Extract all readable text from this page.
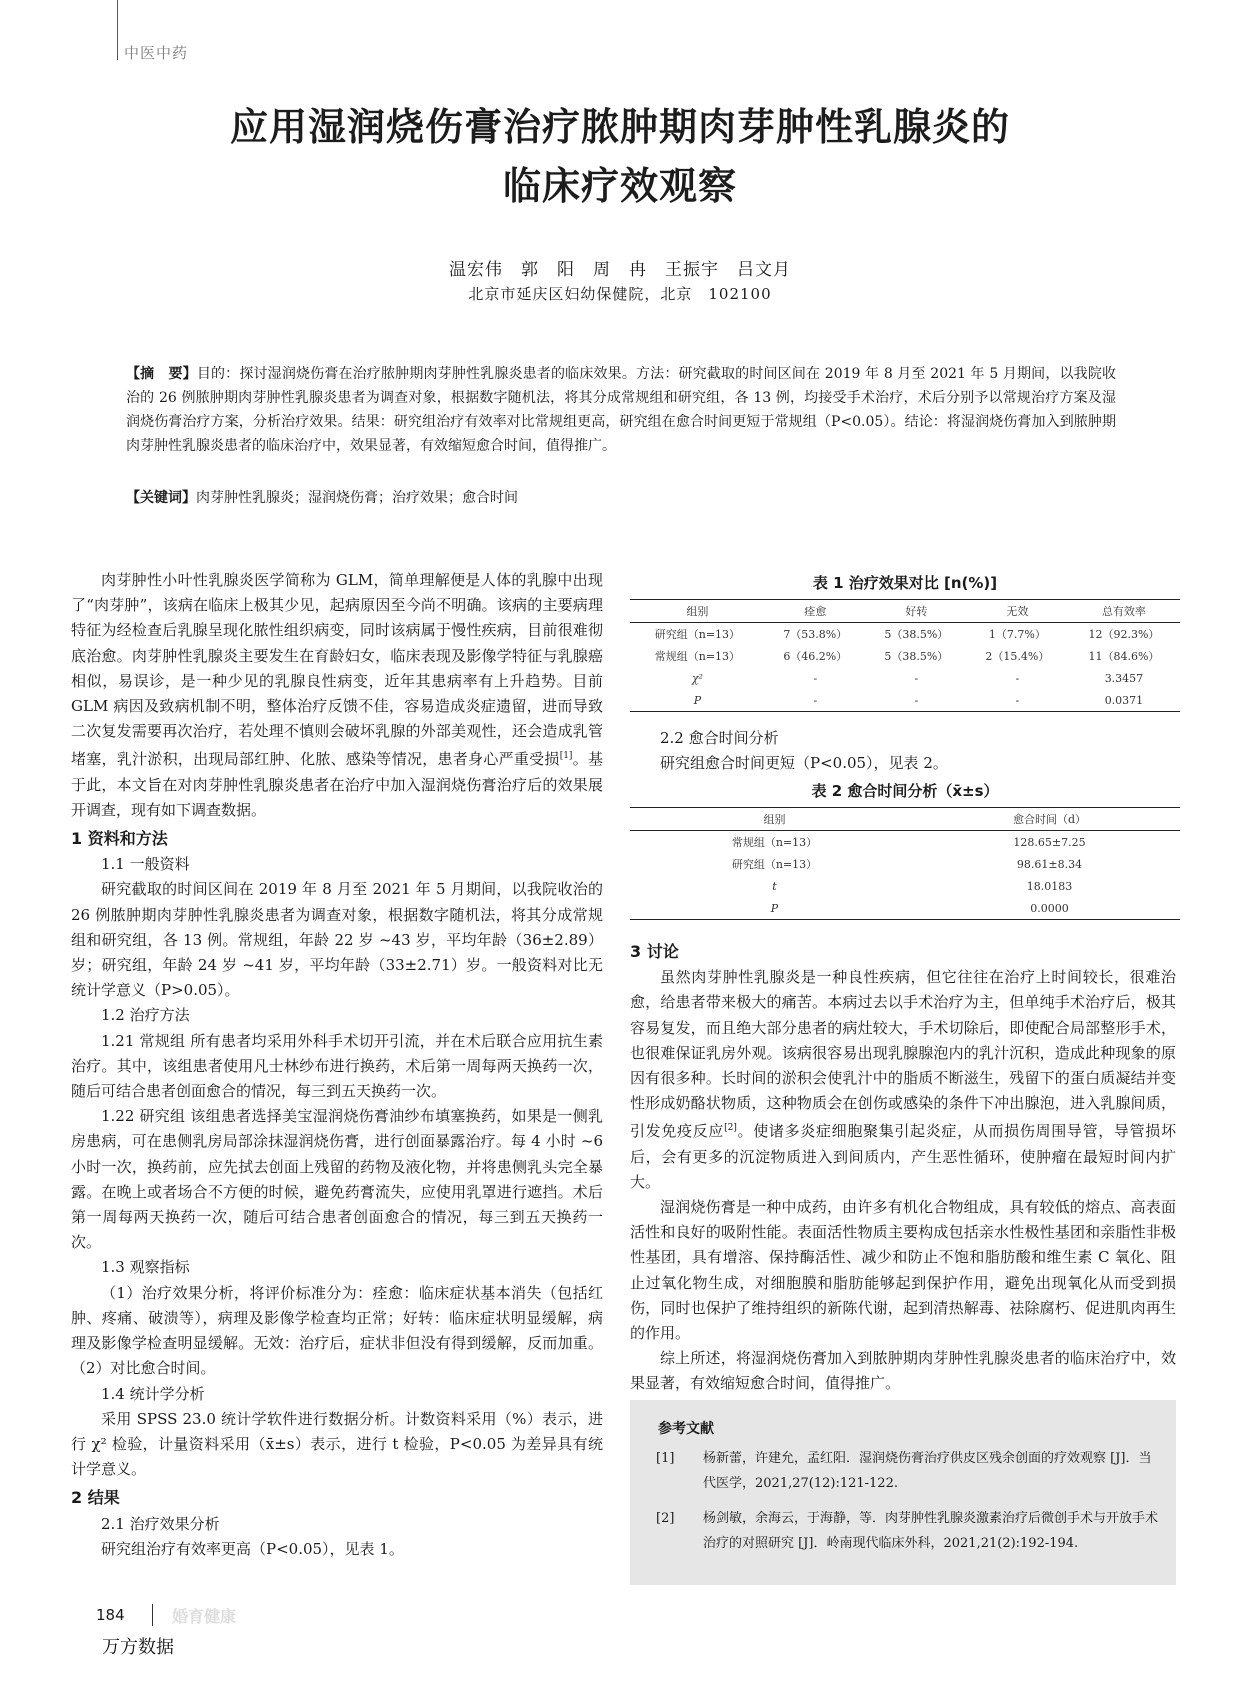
中医中药
应用湿润烧伤膏治疗脓肿期肉芽肿性乳腺炎的
临床疗效观察
温宏伟　郭　阳　周　冉　王振宇　吕文月
北京市延庆区妇幼保健院，北京　102100
【摘　要】目的：探讨湿润烧伤膏在治疗脓肿期肉芽肿性乳腺炎患者的临床效果。方法：研究截取的时间区间在 2019 年 8 月至 2021 年 5 月期间，以我院收治的 26 例脓肿期肉芽肿性乳腺炎患者为调查对象，根据数字随机法，将其分成常规组和研究组，各 13 例，均接受手术治疗，术后分别予以常规治疗方案及湿润烧伤膏治疗方案，分析治疗效果。结果：研究组治疗有效率对比常规组更高，研究组在愈合时间更短于常规组（P<0.05）。结论：将湿润烧伤膏加入到脓肿期肉芽肿性乳腺炎患者的临床治疗中，效果显著，有效缩短愈合时间，值得推广。
【关键词】肉芽肿性乳腺炎；湿润烧伤膏；治疗效果；愈合时间

肉芽肿性小叶性乳腺炎医学简称为 GLM，简单理解便是人体的乳腺中出现了“肉芽肿”，该病在临床上极其少见，起病原因至今尚不明确。该病的主要病理特征为经检查后乳腺呈现化脓性组织病变，同时该病属于慢性疾病，目前很难彻底治愈。肉芽肿性乳腺炎主要发生在育龄妇女，临床表现及影像学特征与乳腺癌相似，易误诊，是一种少见的乳腺良性病变，近年其患病率有上升趋势。目前 GLM 病因及致病机制不明，整体治疗反馈不佳，容易造成炎症遗留，进而导致二次复发需要再次治疗，若处理不慎则会破坏乳腺的外部美观性，还会造成乳管堵塞，乳汁淤积，出现局部红肿、化脓、感染等情况，患者身心严重受损[1]。基于此，本文旨在对肉芽肿性乳腺炎患者在治疗中加入湿润烧伤膏治疗后的效果展开调查，现有如下调查数据。

1 资料和方法

1.1 一般资料

研究截取的时间区间在 2019 年 8 月至 2021 年 5 月期间，以我院收治的 26 例脓肿期肉芽肿性乳腺炎患者为调查对象，根据数字随机法，将其分成常规组和研究组，各 13 例。常规组，年龄 22 岁 ~43 岁，平均年龄（36±2.89）岁；研究组，年龄 24 岁 ~41 岁，平均年龄（33±2.71）岁。一般资料对比无统计学意义（P>0.05）。

1.2 治疗方法

1.21 常规组 所有患者均采用外科手术切开引流，并在术后联合应用抗生素治疗。其中，该组患者使用凡士林纱布进行换药，术后第一周每两天换药一次，随后可结合患者创面愈合的情况，每三到五天换药一次。

1.22 研究组 该组患者选择美宝湿润烧伤膏油纱布填塞换药，如果是一侧乳房患病，可在患侧乳房局部涂抹湿润烧伤膏，进行创面暴露治疗。每 4 小时 ~6 小时一次，换药前，应先拭去创面上残留的药物及液化物，并将患侧乳头完全暴露。在晚上或者场合不方便的时候，避免药膏流失，应使用乳罩进行遮挡。术后第一周每两天换药一次，随后可结合患者创面愈合的情况，每三到五天换药一次。

1.3 观察指标

（1）治疗效果分析，将评价标准分为：痊愈：临床症状基本消失（包括红肿、疼痛、破溃等），病理及影像学检查均正常；好转：临床症状明显缓解，病理及影像学检查明显缓解。无效：治疗后，症状非但没有得到缓解，反而加重。（2）对比愈合时间。

1.4 统计学分析

采用 SPSS 23.0 统计学软件进行数据分析。计数资料采用（%）表示，进行 χ² 检验，计量资料采用（x̄±s）表示，进行 t 检验，P<0.05 为差异具有统计学意义。

2 结果

2.1 治疗效果分析

研究组治疗有效率更高（P<0.05），见表 1。

表 1 治疗效果对比 [n(%)]
组别	痊愈	好转	无效	总有效率
研究组（n=13）	7（53.8%）	5（38.5%）	1（7.7%）	12（92.3%）
常规组（n=13）	6（46.2%）	5（38.5%）	2（15.4%）	11（84.6%）
χ²	-	-	-	3.3457
P	-	-	-	0.0371

2.2 愈合时间分析

研究组愈合时间更短（P<0.05），见表 2。

表 2 愈合时间分析（x̄±s）
组别	愈合时间（d）
常规组（n=13）	128.65±7.25
研究组（n=13）	98.61±8.34
t	18.0183
P	0.0000

3 讨论

虽然肉芽肿性乳腺炎是一种良性疾病，但它往往在治疗上时间较长，很难治愈，给患者带来极大的痛苦。本病过去以手术治疗为主，但单纯手术治疗后，极其容易复发，而且绝大部分患者的病灶较大，手术切除后，即使配合局部整形手术，也很难保证乳房外观。该病很容易出现乳腺腺泡内的乳汁沉积，造成此种现象的原因有很多种。长时间的淤积会使乳汁中的脂质不断滋生，残留下的蛋白质凝结并变性形成奶酪状物质，这种物质会在创伤或感染的条件下冲出腺泡，进入乳腺间质，引发免疫反应[2]。使诸多炎症细胞聚集引起炎症，从而损伤周围导管，导管损坏后，会有更多的沉淀物质进入到间质内，产生恶性循环，使肿瘤在最短时间内扩大。

湿润烧伤膏是一种中成药，由许多有机化合物组成，具有较低的熔点、高表面活性和良好的吸附性能。表面活性物质主要构成包括亲水性极性基团和亲脂性非极性基团，具有增溶、保持酶活性、减少和防止不饱和脂肪酸和维生素 C 氧化、阻止过氧化物生成，对细胞膜和脂肪能够起到保护作用，避免出现氧化从而受到损伤，同时也保护了维持组织的新陈代谢，起到清热解毒、祛除腐朽、促进肌肉再生的作用。

综上所述，将湿润烧伤膏加入到脓肿期肉芽肿性乳腺炎患者的临床治疗中，效果显著，有效缩短愈合时间，值得推广。

参考文献
[1] 杨新蕾，许建允，孟红阳．湿润烧伤膏治疗供皮区残余创面的疗效观察 [J]．当代医学，2021,27(12):121-122.
[2] 杨剑敏，余海云，于海静，等．肉芽肿性乳腺炎激素治疗后微创手术与开放手术治疗的对照研究 [J]．岭南现代临床外科，2021,21(2):192-194.
184	婚育健康
万方数据
